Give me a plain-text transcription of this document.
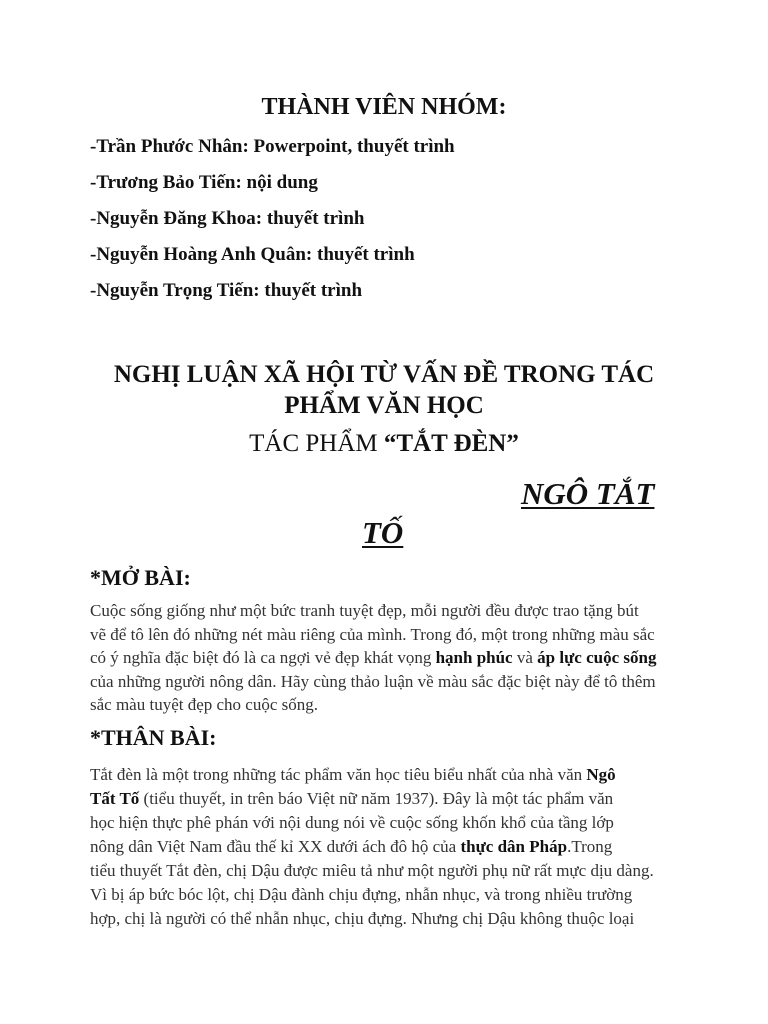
THÀNH VIÊN NHÓM:
-Trần Phước Nhân: Powerpoint, thuyết trình
-Trương Bảo Tiến: nội dung
-Nguyễn Đăng Khoa: thuyết trình
-Nguyễn Hoàng Anh Quân: thuyết trình
-Nguyễn Trọng Tiến: thuyết trình
NGHỊ LUẬN XÃ HỘI TỪ VẤN ĐỀ TRONG TÁC
PHẨM VĂN HỌC
TÁC PHẨM “TẮT ĐÈN”
NGÔ TẮT
TỐ
*MỞ BÀI:
Cuộc sống giống như một bức tranh tuyệt đẹp, mỗi người đều được trao tặng bút
vẽ để tô lên đó những nét màu riêng của mình. Trong đó, một trong những màu sắc
có ý nghĩa đặc biệt đó là ca ngợi vẻ đẹp khát vọng hạnh phúc và áp lực cuộc sống
của những người nông dân. Hãy cùng thảo luận về màu sắc đặc biệt này để tô thêm
sắc màu tuyệt đẹp cho cuộc sống.
*THÂN BÀI:
Tắt đèn là một trong những tác phẩm văn học tiêu biểu nhất của nhà văn Ngô
Tất Tố (tiểu thuyết, in trên báo Việt nữ năm 1937). Đây là một tác phẩm văn
học hiện thực phê phán với nội dung nói về cuộc sống khốn khổ của tầng lớp
nông dân Việt Nam đầu thế kỉ XX dưới ách đô hộ của thực dân Pháp.Trong
tiểu thuyết Tắt đèn, chị Dậu được miêu tả như một người phụ nữ rất mực dịu dàng.
Vì bị áp bức bóc lột, chị Dậu đành chịu đựng, nhẫn nhục, và trong nhiều trường
hợp, chị là người có thể nhẫn nhục, chịu đựng. Nhưng chị Dậu không thuộc loại
